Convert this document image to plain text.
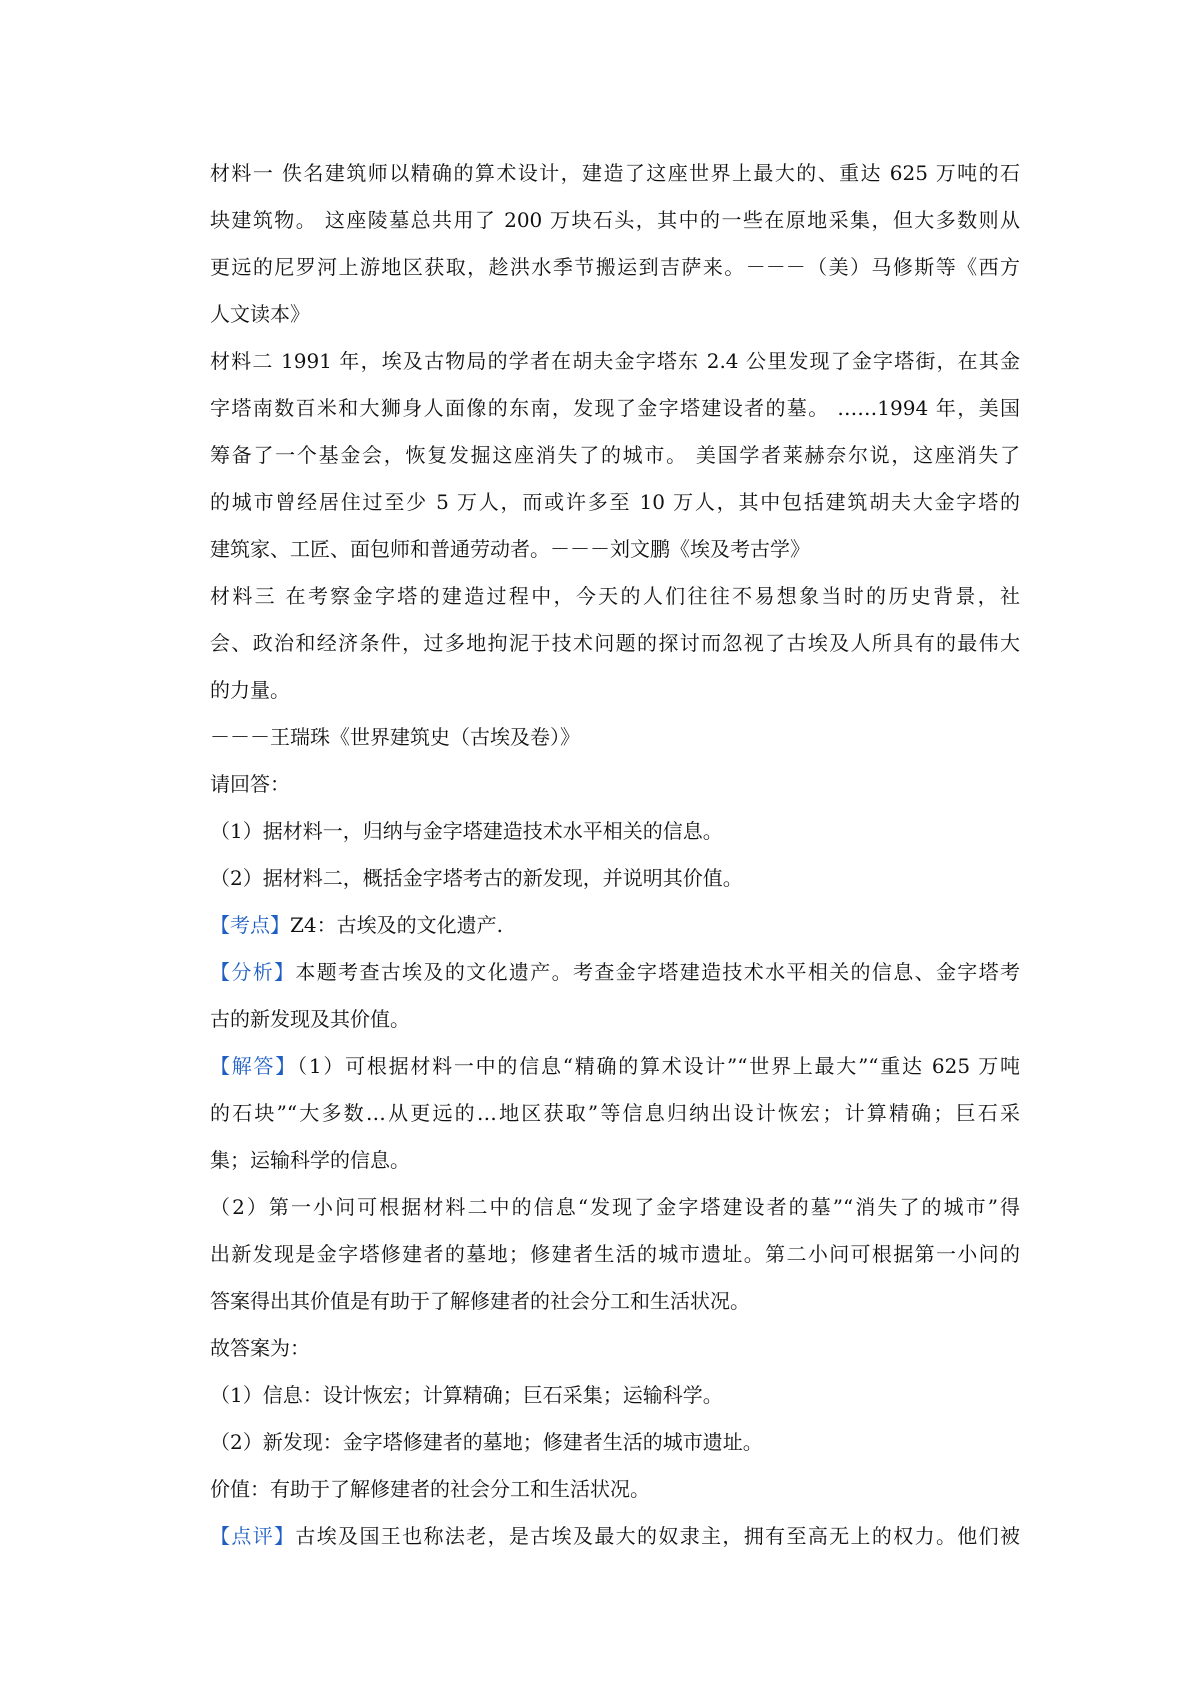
材料一 佚名建筑师以精确的算术设计，建造了这座世界上最大的、重达 625 万吨的石
块建筑物。 这座陵墓总共用了 200 万块石头，其中的一些在原地采集，但大多数则从
更远的尼罗河上游地区获取，趁洪水季节搬运到吉萨来。－－－（美）马修斯等《西方
人文读本》
材料二 1991 年，埃及古物局的学者在胡夫金字塔东 2.4 公里发现了金字塔街，在其金
字塔南数百米和大狮身人面像的东南，发现了金字塔建设者的墓。 ……1994 年，美国
筹备了一个基金会，恢复发掘这座消失了的城市。 美国学者莱赫奈尔说，这座消失了
的城市曾经居住过至少 5 万人，而或许多至 10 万人，其中包括建筑胡夫大金字塔的
建筑家、工匠、面包师和普通劳动者。－－－刘文鹏《埃及考古学》
材料三 在考察金字塔的建造过程中，今天的人们往往不易想象当时的历史背景，社
会、政治和经济条件，过多地拘泥于技术问题的探讨而忽视了古埃及人所具有的最伟大
的力量。
－－－王瑞珠《世界建筑史（古埃及卷）》
请回答：
（1）据材料一，归纳与金字塔建造技术水平相关的信息。
（2）据材料二，概括金字塔考古的新发现，并说明其价值。
【考点】Z4：古埃及的文化遗产.
【分析】本题考查古埃及的文化遗产。考查金字塔建造技术水平相关的信息、金字塔考
古的新发现及其价值。
【解答】（1）可根据材料一中的信息“精确的算术设计”“世界上最大”“重达 625 万吨
的石块”“大多数…从更远的…地区获取”等信息归纳出设计恢宏；计算精确；巨石采
集；运输科学的信息。
（2）第一小问可根据材料二中的信息“发现了金字塔建设者的墓”“消失了的城市”得
出新发现是金字塔修建者的墓地；修建者生活的城市遗址。第二小问可根据第一小问的
答案得出其价值是有助于了解修建者的社会分工和生活状况。
故答案为：
（1）信息：设计恢宏；计算精确；巨石采集；运输科学。
（2）新发现：金字塔修建者的墓地；修建者生活的城市遗址。
价值：有助于了解修建者的社会分工和生活状况。
【点评】古埃及国王也称法老，是古埃及最大的奴隶主，拥有至高无上的权力。他们被
